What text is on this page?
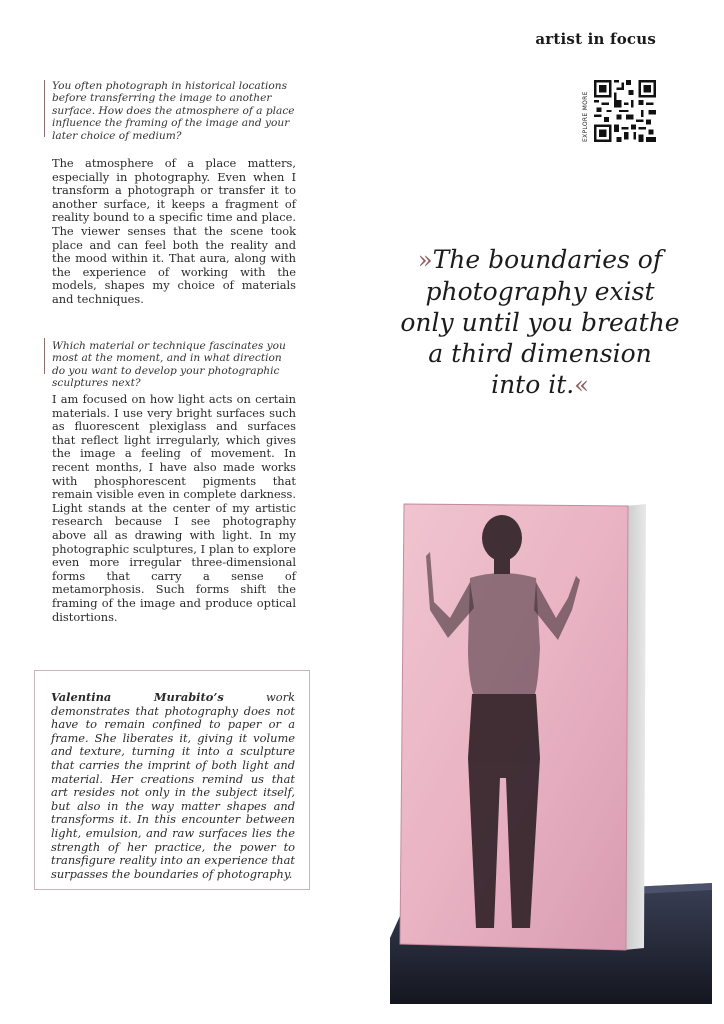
artist in focus
EXPLORE MORE
You often photograph in historical locations before transferring the image to another surface. How does the atmosphere of a place influence the framing of the image and your later choice of medium?
The atmosphere of a place matters, especially in photography. Even when I transform a photograph or transfer it to another surface, it keeps a fragment of reality bound to a specific time and place. The viewer senses that the scene took place and can feel both the reality and the mood within it. That aura, along with the experience of working with the models, shapes my choice of materials and techniques.
Which material or technique fascinates you most at the moment, and in what direction do you want to develop your photographic sculptures next?
I am focused on how light acts on certain materials. I use very bright surfaces such as fluorescent plexiglass and surfaces that reflect light irregularly, which gives the image a feeling of movement. In recent months, I have also made works with phosphorescent pigments that remain visible even in complete darkness. Light stands at the center of my artistic research because I see photography above all as drawing with light. In my photographic sculptures, I plan to explore even more irregular three-dimensional forms that carry a sense of metamorphosis. Such forms shift the framing of the image and produce optical distortions.
Valentina Murabito’s work demonstrates that photography does not have to remain confined to paper or a frame. She liberates it, giving it volume and texture, turning it into a sculpture that carries the imprint of both light and material. Her creations remind us that art resides not only in the subject itself, but also in the way matter shapes and transforms it. In this encounter between light, emulsion, and raw surfaces lies the strength of her practice, the power to transfigure reality into an experience that surpasses the boundaries of photography.
»The boundaries of photography exist only until you breathe a third dimension into it.«
